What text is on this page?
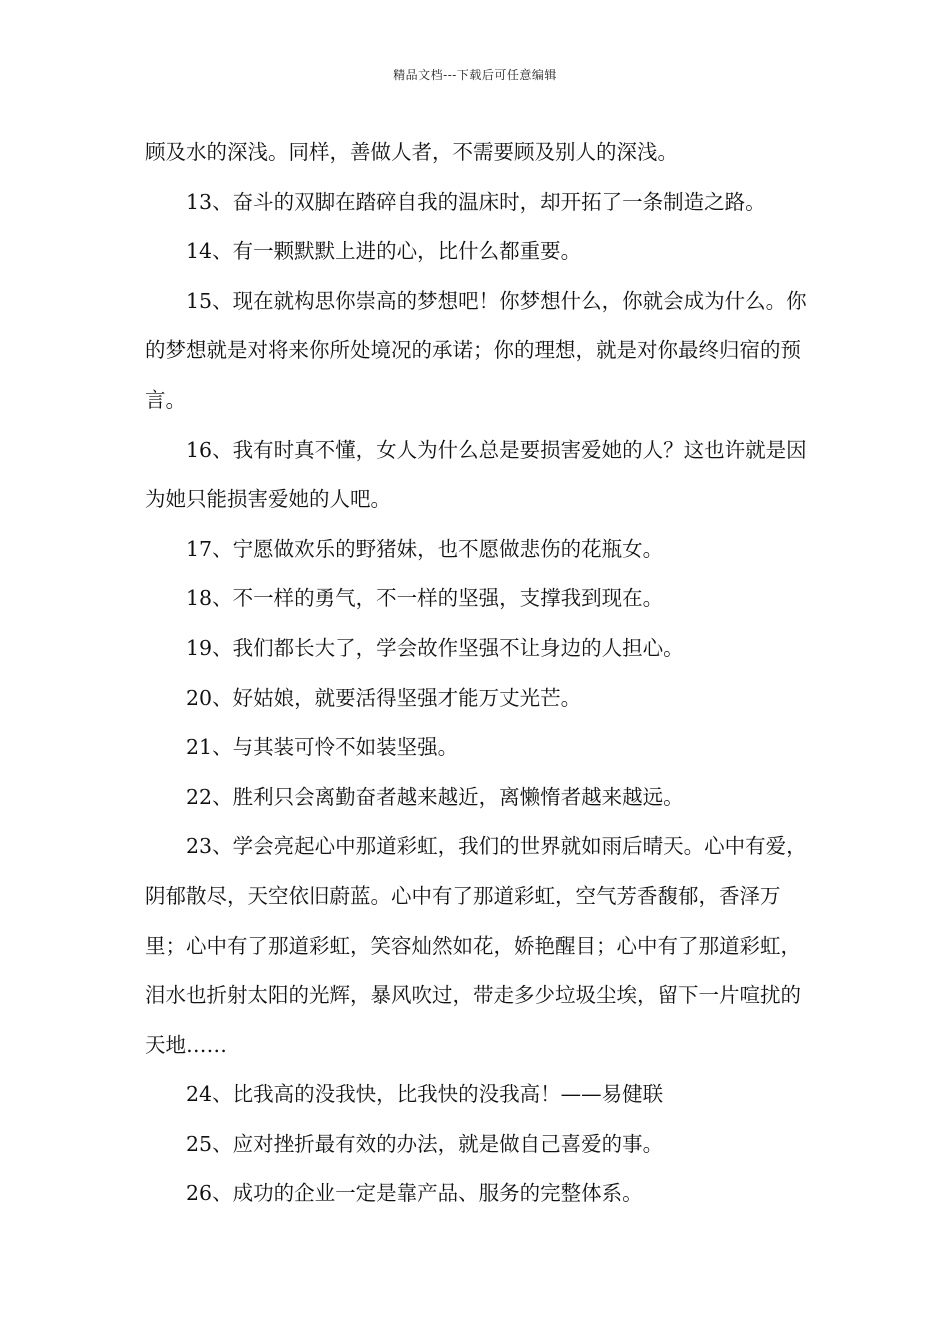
精品文档---下载后可任意编辑

顾及水的深浅。同样，善做人者，不需要顾及别人的深浅。

13、奋斗的双脚在踏碎自我的温床时，却开拓了一条制造之路。

14、有一颗默默上进的心，比什么都重要。

15、现在就构思你崇高的梦想吧！你梦想什么，你就会成为什么。你的梦想就是对将来你所处境况的承诺；你的理想，就是对你最终归宿的预言。

16、我有时真不懂，女人为什么总是要损害爱她的人？这也许就是因为她只能损害爱她的人吧。

17、宁愿做欢乐的野猪妹，也不愿做悲伤的花瓶女。

18、不一样的勇气，不一样的坚强，支撑我到现在。

19、我们都长大了，学会故作坚强不让身边的人担心。

20、好姑娘，就要活得坚强才能万丈光芒。

21、与其装可怜不如装坚强。

22、胜利只会离勤奋者越来越近，离懒惰者越来越远。

23、学会亮起心中那道彩虹，我们的世界就如雨后晴天。心中有爱，阴郁散尽，天空依旧蔚蓝。心中有了那道彩虹，空气芳香馥郁，香泽万里；心中有了那道彩虹，笑容灿然如花，娇艳醒目；心中有了那道彩虹，泪水也折射太阳的光辉，暴风吹过，带走多少垃圾尘埃，留下一片喧扰的天地……

24、比我高的没我快，比我快的没我高！——易健联

25、应对挫折最有效的办法，就是做自己喜爱的事。

26、成功的企业一定是靠产品、服务的完整体系。
